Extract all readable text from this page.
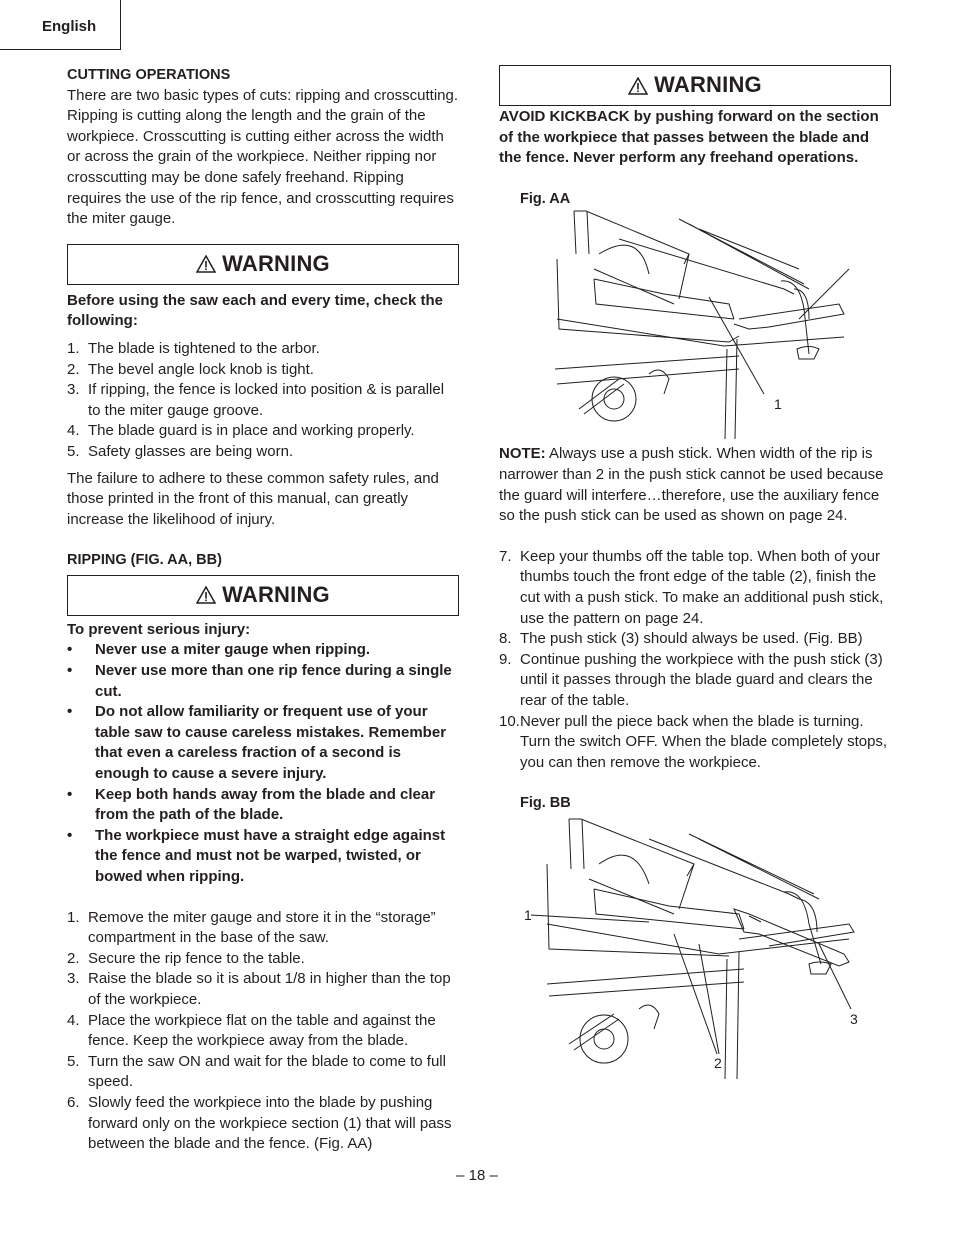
English

CUTTING OPERATIONS

There are two basic types of cuts: ripping and crosscutting. Ripping is cutting along the length and the grain of the workpiece. Crosscutting is cutting either across the width or across the grain of the workpiece. Neither ripping nor crosscutting may be done safely freehand. Ripping requires the use of the rip fence, and crosscutting requires the miter gauge.

WARNING

Before using the saw each and every time, check the following:

1. The blade is tightened to the arbor.
2. The bevel angle lock knob is tight.
3. If ripping, the fence is locked into position & is parallel to the miter gauge groove.
4. The blade guard is in place and working properly.
5. Safety glasses are being worn.

The failure to adhere to these common safety rules, and those printed in the front of this manual, can greatly increase the likelihood of injury.

RIPPING (FIG. AA, BB)

WARNING

To prevent serious injury:

• Never use a miter gauge when ripping.
• Never use more than one rip fence during a single cut.
• Do not allow familiarity or frequent use of your table saw to cause careless mistakes. Remember that even a careless fraction of a second is enough to cause a severe injury.
• Keep both hands away from the blade and clear from the path of the blade.
• The workpiece must have a straight edge against the fence and must not be warped, twisted, or bowed when ripping.
1. Remove the miter gauge and store it in the “storage” compartment in the base of the saw.
2. Secure the rip fence to the table.
3. Raise the blade so it is about 1/8 in higher than the top of the workpiece.
4. Place the workpiece flat on the table and against the fence. Keep the workpiece away from the blade.
5. Turn the saw ON and wait for the blade to come to full speed.
6. Slowly feed the workpiece into the blade by pushing forward only on the workpiece section (1) that will pass between the blade and the fence. (Fig. AA)
WARNING

AVOID KICKBACK by pushing forward on the section of the workpiece that passes between the blade and the fence. Never perform any freehand operations.

Fig. AA

1

NOTE: Always use a push stick. When width of the rip is narrower than 2 in the push stick cannot be used because the guard will interfere…therefore, use the auxiliary fence so the push stick can be used as shown on page 24.

7. Keep your thumbs off the table top. When both of your thumbs touch the front edge of the table (2), finish the cut with a push stick. To make an additional push stick, use the pattern on page 24.
8. The push stick (3) should always be used. (Fig. BB)
9. Continue pushing the workpiece with the push stick (3) until it passes through the blade guard and clears the rear of the table.
10. Never pull the piece back when the blade is turning. Turn the switch OFF. When the blade completely stops, you can then remove the workpiece.

Fig. BB

1
2
3
– 18 –
